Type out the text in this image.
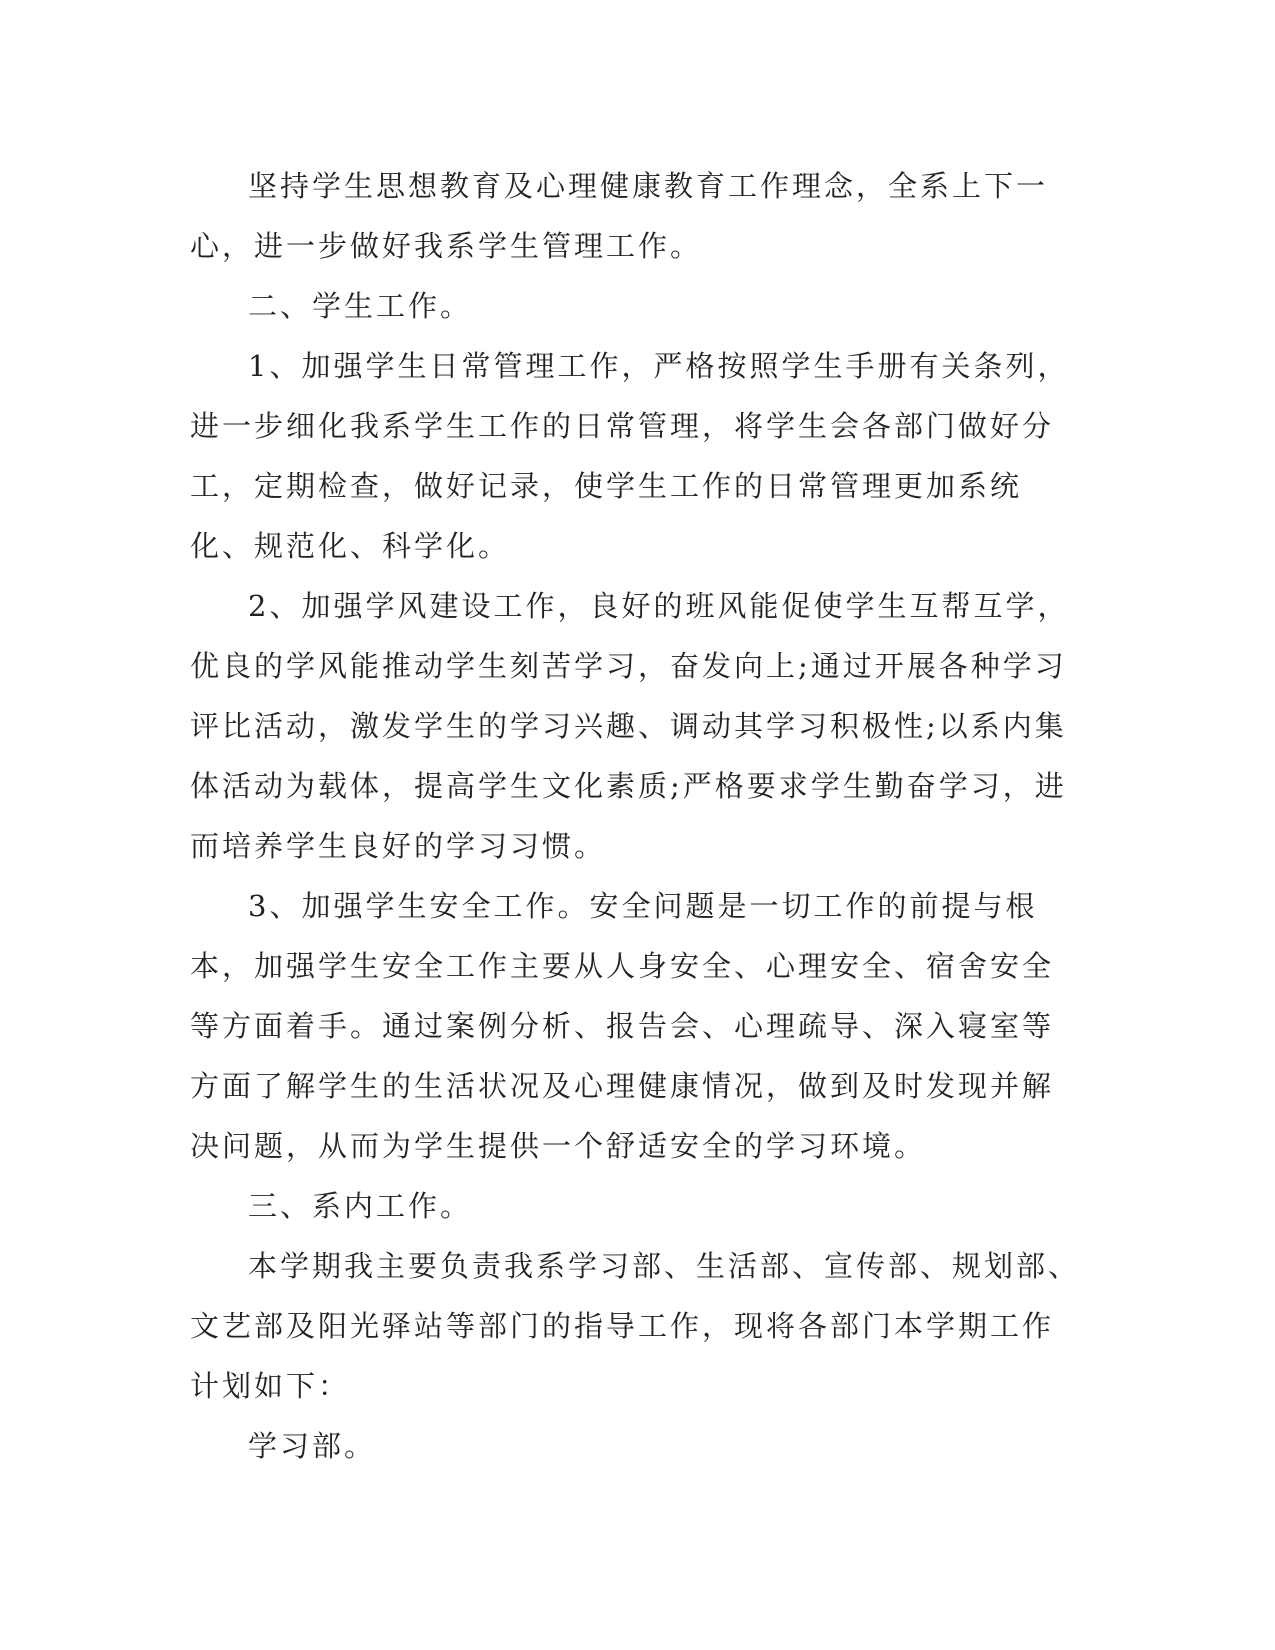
坚持学生思想教育及心理健康教育工作理念，全系上下一心，进一步做好我系学生管理工作。

二、学生工作。

1、加强学生日常管理工作，严格按照学生手册有关条列，进一步细化我系学生工作的日常管理，将学生会各部门做好分工，定期检查，做好记录，使学生工作的日常管理更加系统化、规范化、科学化。

2、加强学风建设工作，良好的班风能促使学生互帮互学，优良的学风能推动学生刻苦学习，奋发向上;通过开展各种学习评比活动，激发学生的学习兴趣、调动其学习积极性;以系内集体活动为载体，提高学生文化素质;严格要求学生勤奋学习，进而培养学生良好的学习习惯。

3、加强学生安全工作。安全问题是一切工作的前提与根本，加强学生安全工作主要从人身安全、心理安全、宿舍安全等方面着手。通过案例分析、报告会、心理疏导、深入寝室等方面了解学生的生活状况及心理健康情况，做到及时发现并解决问题，从而为学生提供一个舒适安全的学习环境。

三、系内工作。

本学期我主要负责我系学习部、生活部、宣传部、规划部、文艺部及阳光驿站等部门的指导工作，现将各部门本学期工作计划如下：

学习部。
